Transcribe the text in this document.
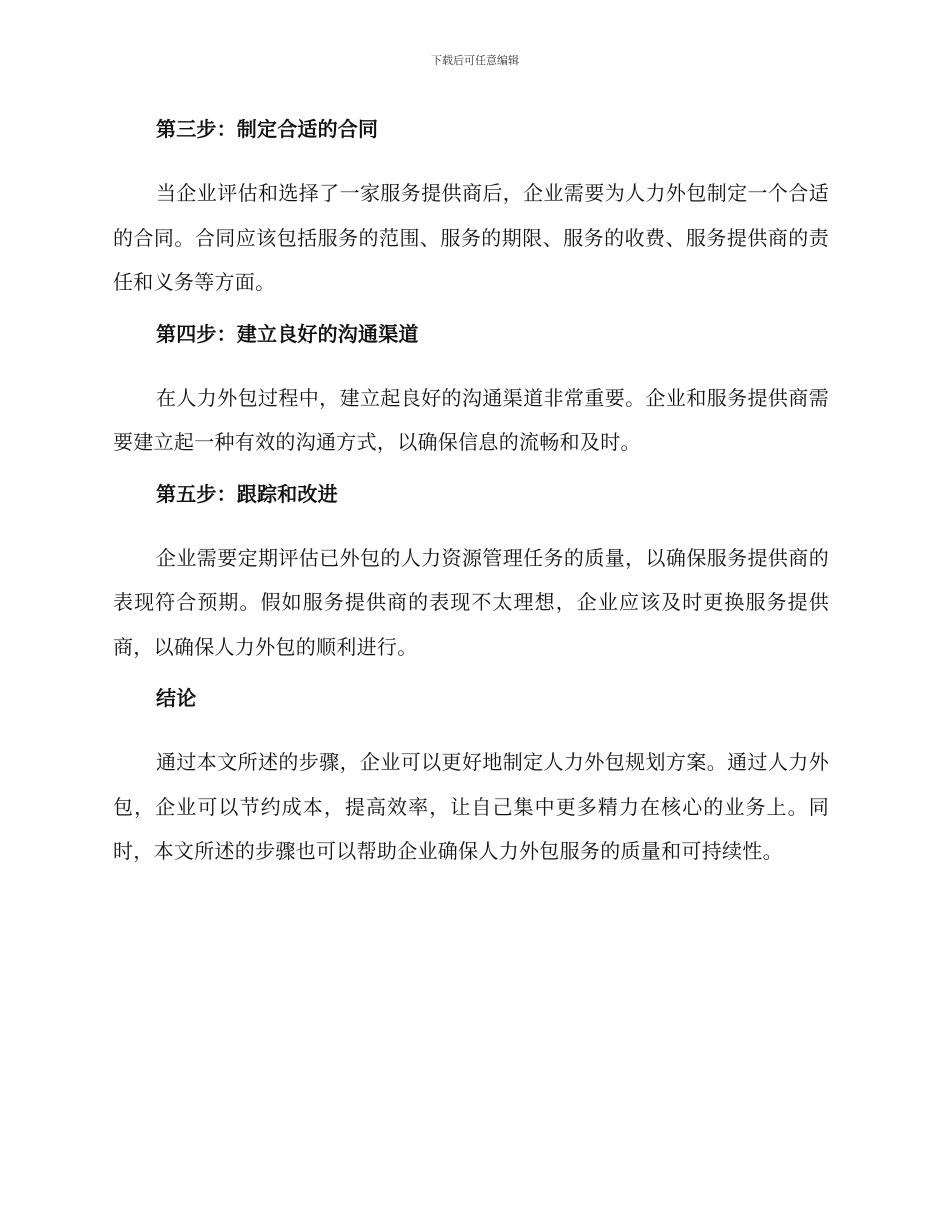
下载后可任意编辑
第三步：制定合适的合同

当企业评估和选择了一家服务提供商后，企业需要为人力外包制定一个合适的合同。合同应该包括服务的范围、服务的期限、服务的收费、服务提供商的责任和义务等方面。

第四步：建立良好的沟通渠道

在人力外包过程中，建立起良好的沟通渠道非常重要。企业和服务提供商需要建立起一种有效的沟通方式，以确保信息的流畅和及时。

第五步：跟踪和改进

企业需要定期评估已外包的人力资源管理任务的质量，以确保服务提供商的表现符合预期。假如服务提供商的表现不太理想，企业应该及时更换服务提供商，以确保人力外包的顺利进行。

结论

通过本文所述的步骤，企业可以更好地制定人力外包规划方案。通过人力外包，企业可以节约成本，提高效率，让自己集中更多精力在核心的业务上。同时，本文所述的步骤也可以帮助企业确保人力外包服务的质量和可持续性。
